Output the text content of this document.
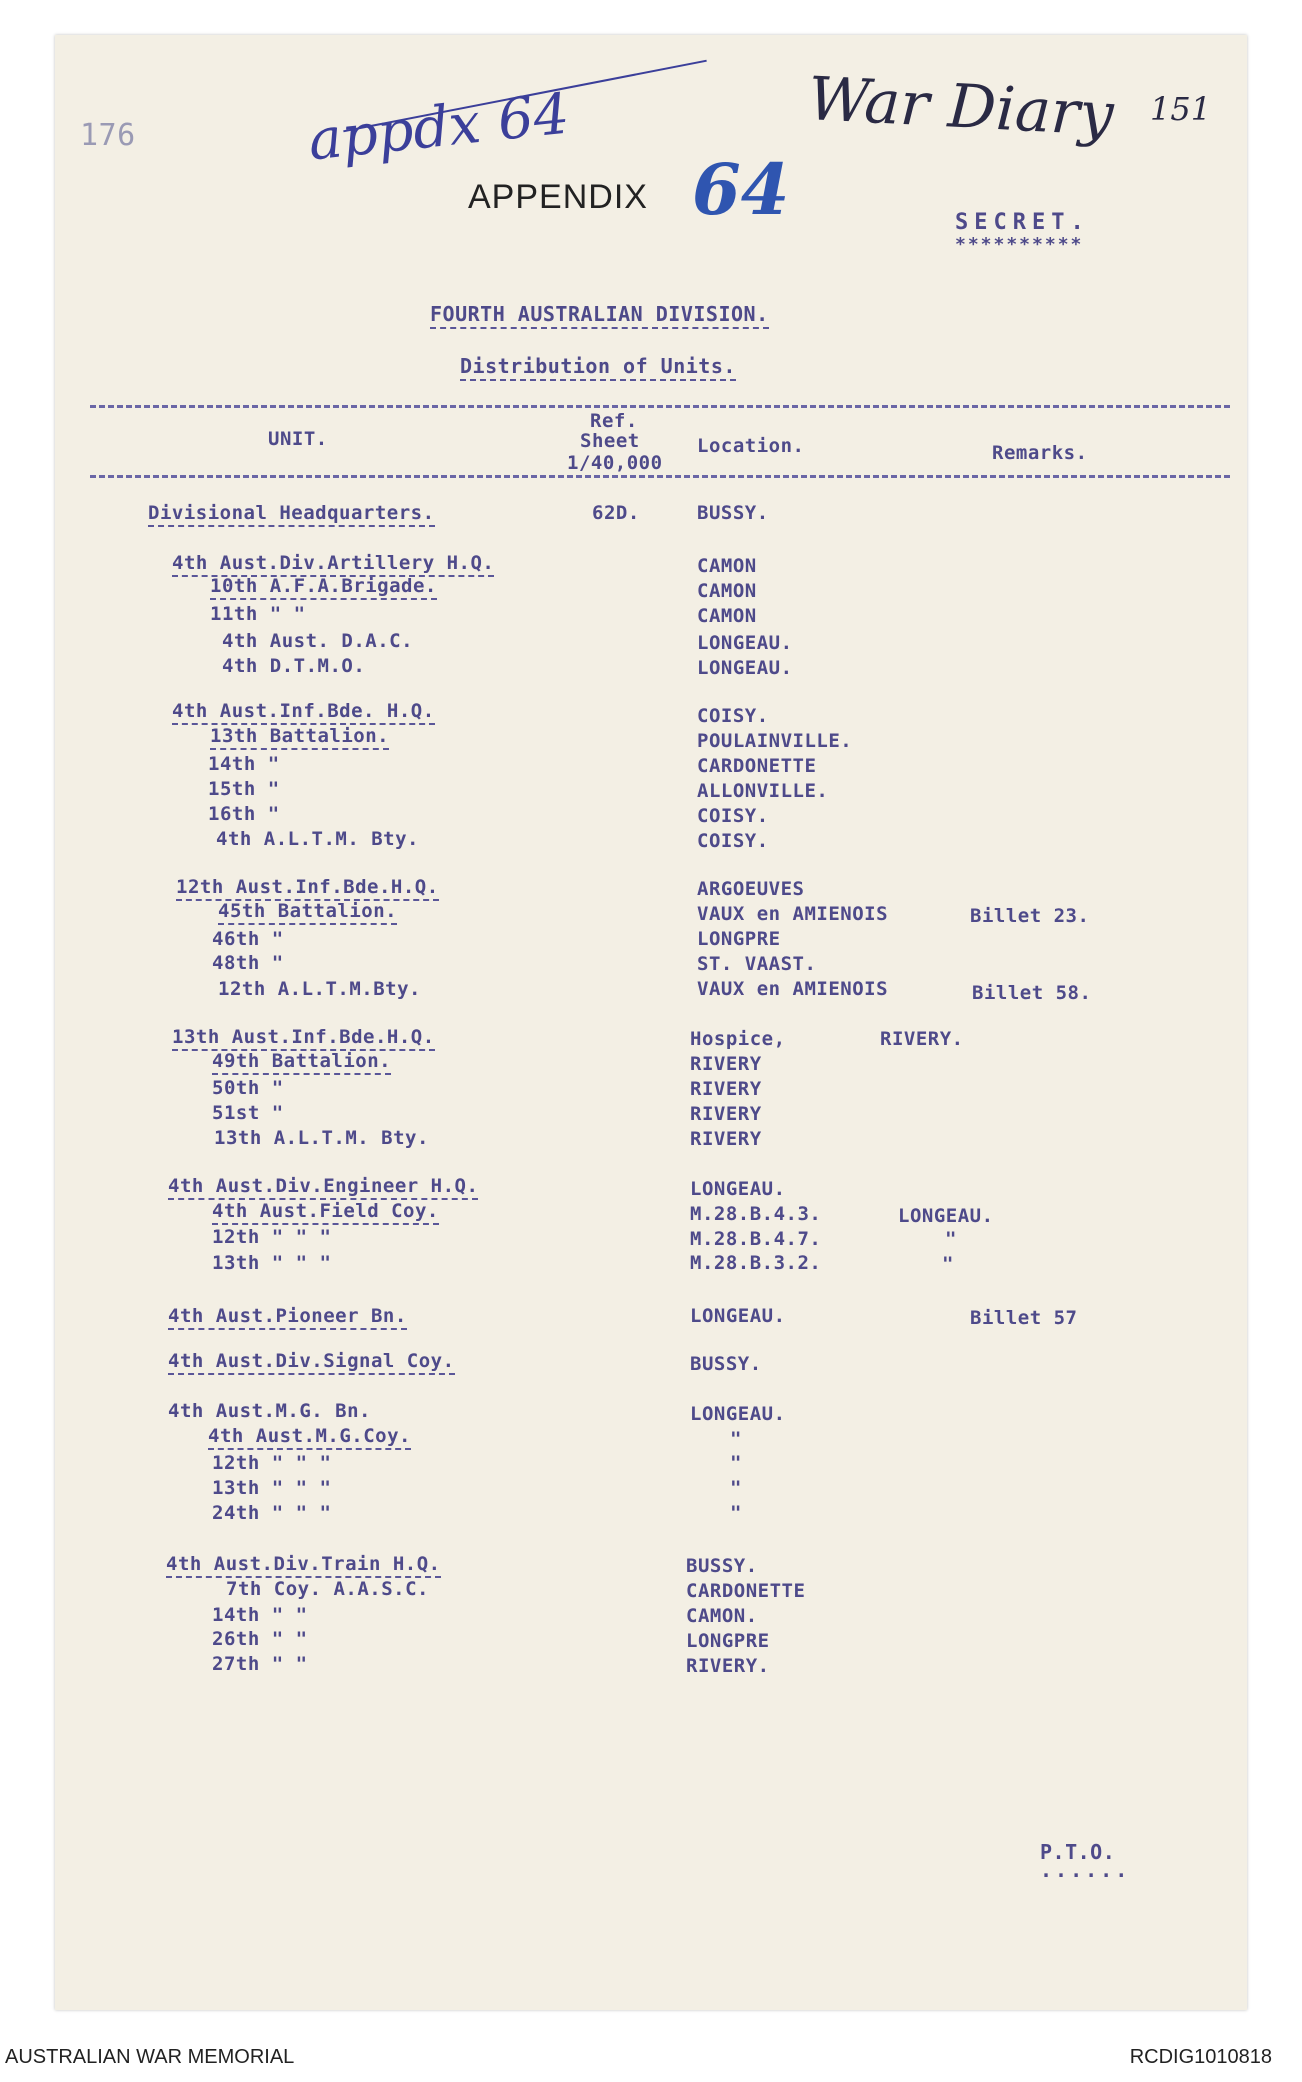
176	appdx 64	War Diary 151
APPENDIX 64	SECRET.
**********
FOURTH AUSTRALIAN DIVISION.
Distribution of Units.
UNIT.
Ref.
Sheet
1/40,000
Location.	Remarks.
Divisional Headquarters.	62D.	BUSSY.
4th Aust.Div.Artillery H.Q.	CAMON
10th A.F.A.Brigade.	CAMON
11th " "	CAMON
4th Aust. D.A.C.	LONGEAU.
4th D.T.M.O.	LONGEAU.
4th Aust.Inf.Bde. H.Q.	COISY.
13th Battalion.	POULAINVILLE.
14th "	CARDONETTE
15th "	ALLONVILLE.
16th "	COISY.
4th A.L.T.M. Bty.	COISY.
12th Aust.Inf.Bde.H.Q.	ARGOEUVES
45th Battalion.	VAUX en AMIENOIS	Billet 23.
46th "	LONGPRE
48th "	ST. VAAST.
12th A.L.T.M.Bty.	VAUX en AMIENOIS	Billet 58.
13th Aust.Inf.Bde.H.Q.	Hospice,	RIVERY.
49th Battalion.	RIVERY
50th "	RIVERY
51st "	RIVERY
13th A.L.T.M. Bty.	RIVERY
4th Aust.Div.Engineer H.Q.	LONGEAU.
4th Aust.Field Coy.	M.28.B.4.3.	LONGEAU.
12th " " "	M.28.B.4.7.	"
13th " " "	M.28.B.3.2.	"
4th Aust.Pioneer Bn.	LONGEAU.	Billet 57
4th Aust.Div.Signal Coy.	BUSSY.
4th Aust.M.G. Bn.	LONGEAU.
4th Aust.M.G.Coy.	"
12th " " "	"
13th " " "	"
24th " " "	"
4th Aust.Div.Train H.Q.	BUSSY.
7th Coy. A.A.S.C.	CARDONETTE
14th " "	CAMON.
26th " "	LONGPRE
27th " "	RIVERY.
P.T.O.
......
AUSTRALIAN WAR MEMORIAL	RCDIG1010818
